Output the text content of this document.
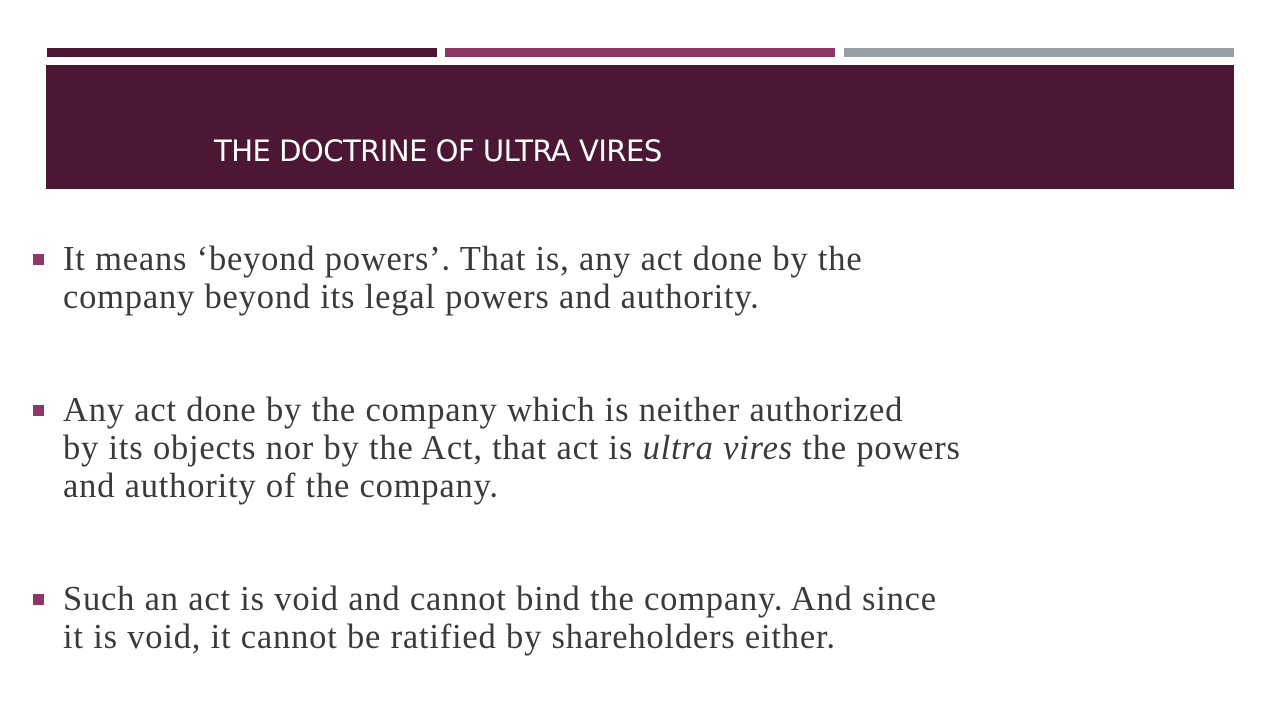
THE DOCTRINE OF ULTRA VIRES

It means ‘beyond powers’. That is, any act done by the
company beyond its legal powers and authority.

Any act done by the company which is neither authorized
by its objects nor by the Act, that act is ultra vires the powers
and authority of the company.

Such an act is void and cannot bind the company. And since
it is void, it cannot be ratified by shareholders either.
